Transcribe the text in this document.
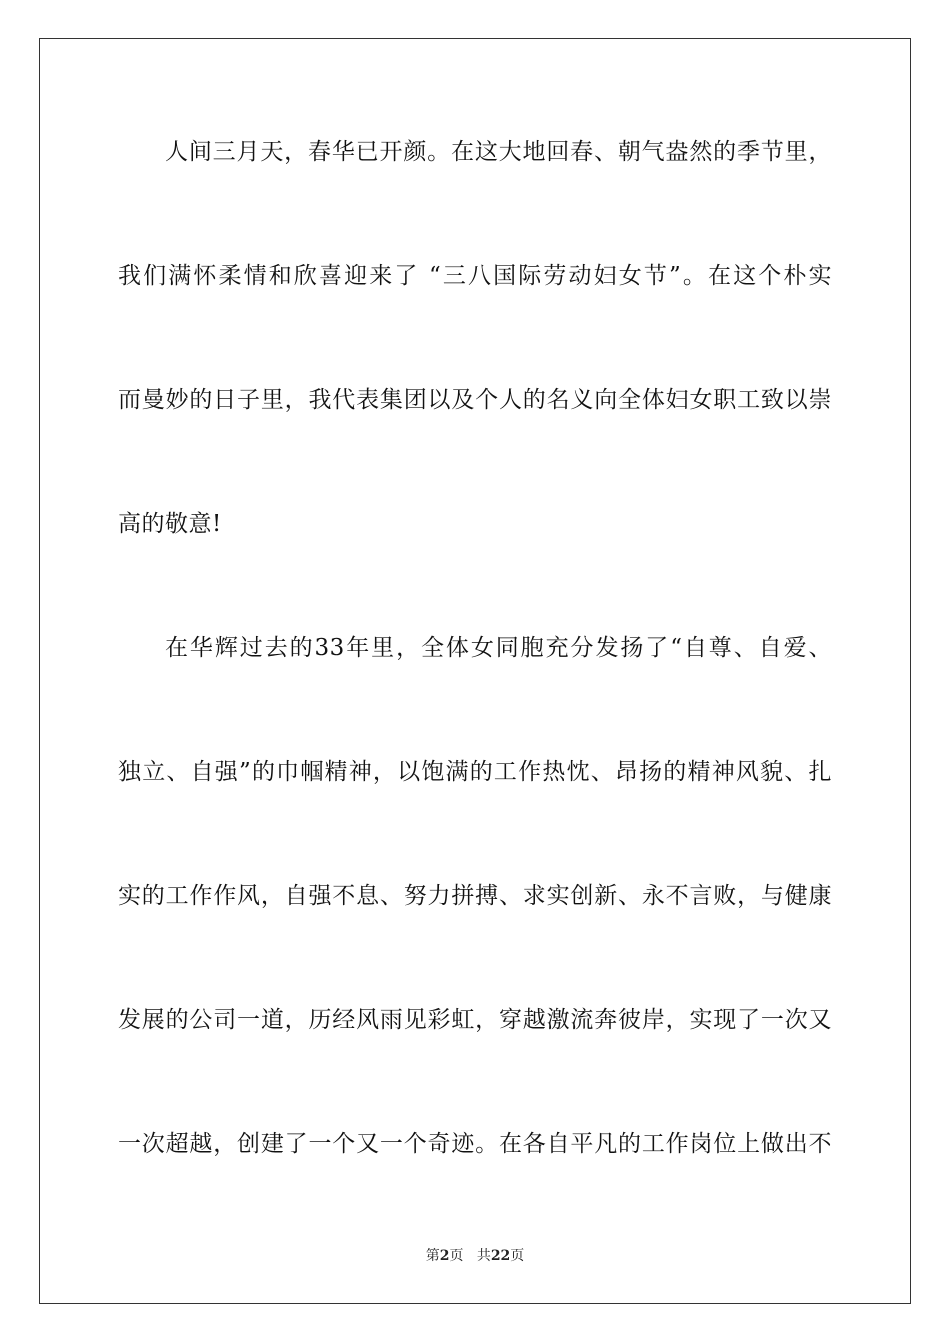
人间三月天，春华已开颜。在这大地回春、朝气盎然的季节里，
我们满怀柔情和欣喜迎来了 “三八国际劳动妇女节”。在这个朴实
而曼妙的日子里，我代表集团以及个人的名义向全体妇女职工致以崇
高的敬意!
在华辉过去的33年里，全体女同胞充分发扬了“自尊、自爱、
独立、自强”的巾帼精神，以饱满的工作热忱、昂扬的精神风貌、扎
实的工作作风，自强不息、努力拼搏、求实创新、永不言败，与健康
发展的公司一道，历经风雨见彩虹，穿越激流奔彼岸，实现了一次又
一次超越，创建了一个又一个奇迹。在各自平凡的工作岗位上做出不
第2页 共22页
